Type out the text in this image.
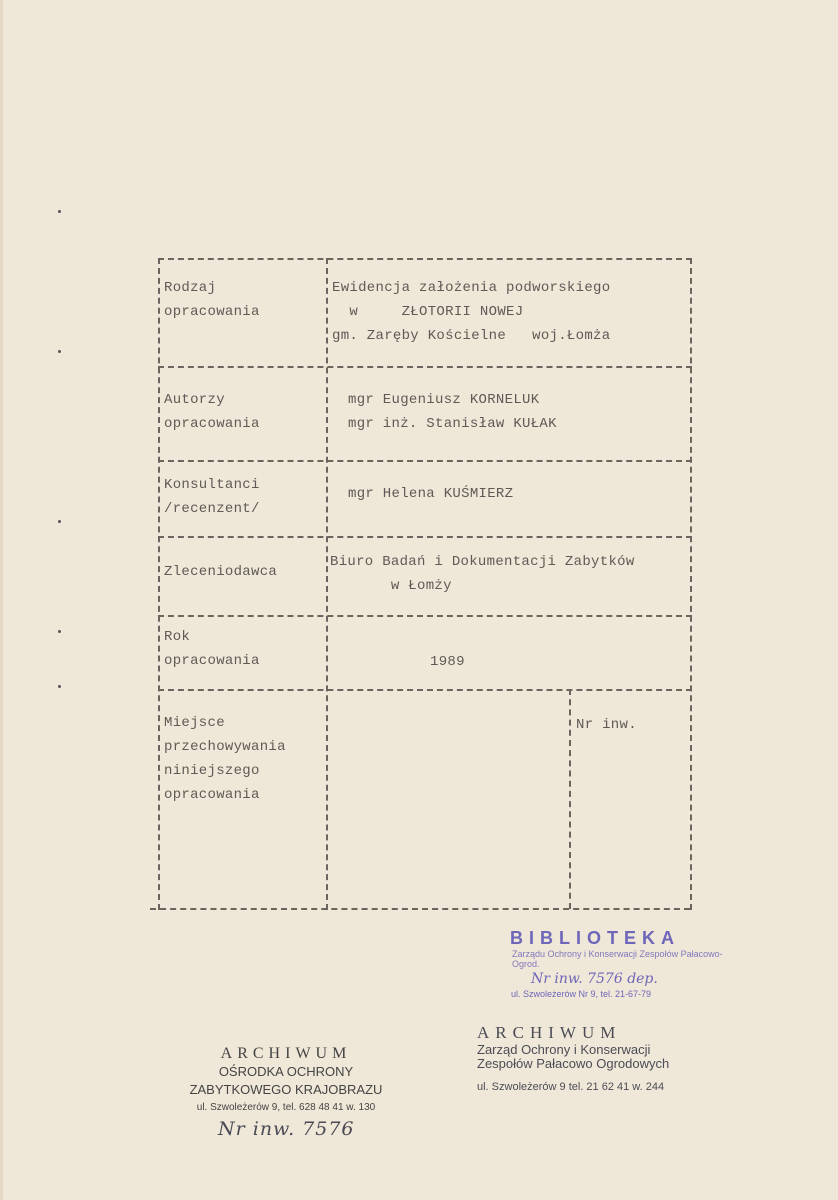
Rodzaj
opracowania
Ewidencja założenia podworskiego
w     ZŁOTORII NOWEJ
gm. Zaręby Kościelne   woj.Łomża
Autorzy
opracowania
mgr Eugeniusz KORNELUK
mgr inż. Stanisław KUŁAK
Konsultanci
/recenzent/
mgr Helena KUŚMIERZ
Zleceniodawca
Biuro Badań i Dokumentacji Zabytków
w Łomży
Rok
opracowania	1989
Miejsce
przechowywania
niniejszego
opracowania
Nr inw.
BIBLIOTEKA
Zarządu Ochrony i Konserwacji Zespołów Pałacowo-Ogrod.
Nr inw. 7576 dep.
ul. Szwoleżerów Nr 9, tel. 21-67-79
ARCHIWUM
Zarząd Ochrony i Konserwacji
Zespołów Pałacowo Ogrodowych
ul. Szwoleżerów 9 tel. 21 62 41 w. 244
ARCHIWUM
OŚRODKA OCHRONY
ZABYTKOWEGO KRAJOBRAZU
ul. Szwoleżerów 9, tel. 628 48 41 w. 130
Nr inw. 7576
